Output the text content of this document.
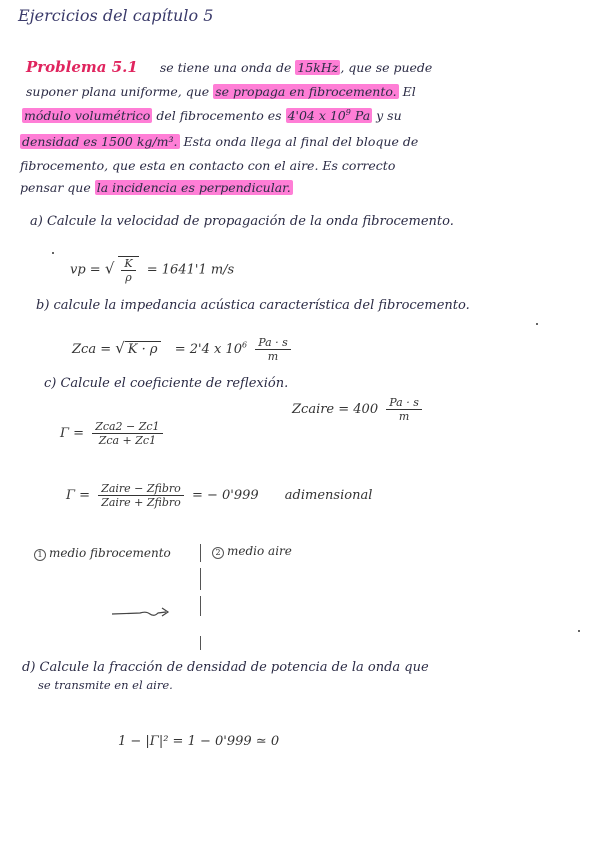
Ejercicios del capítulo 5
Problema 5.1 se tiene una onda de 15kHz , que se puede
suponer plana uniforme, que se propaga en fibrocemento. El
módulo volumétrico del fibrocemento es 4'04 x $10^9$ Pa y su
densidad es 1500 kg/m³. Esta onda llega al final del bloque de
fibrocemento, que esta en contacto con el aire. Es correcto
pensar que la incidencia es perpendicular.
a) Calcule la velocidad de propagación de la onda fibrocemento.
vp = √ $\frac{K}{\rho} = 1641'1$ m/s
b) calcule la impedancia acústica característica del fibrocemento.
Zca = √ K · ρ = 2'4 x $10^6 \frac{Pa \cdot s}{m}$
c) Calcule el coeficiente de reflexión.
Zcaire = $400 \frac{Pa \cdot s}{m}$
$\Gamma = \frac{\text{Zca2 − Zc1}}{\text{Zca + Zc1}}$
$\Gamma = \frac{\text{Zaire − Zfibro}}{\text{Zaire + Zfibro}}$ = − 0'999 adimensional
1 medio fibrocemento	2 medio aire
d) Calcule la fracción de densidad de potencia de la onda que
se transmite en el aire.
1 − |Γ|² = 1 − 0'999 ≃ 0
